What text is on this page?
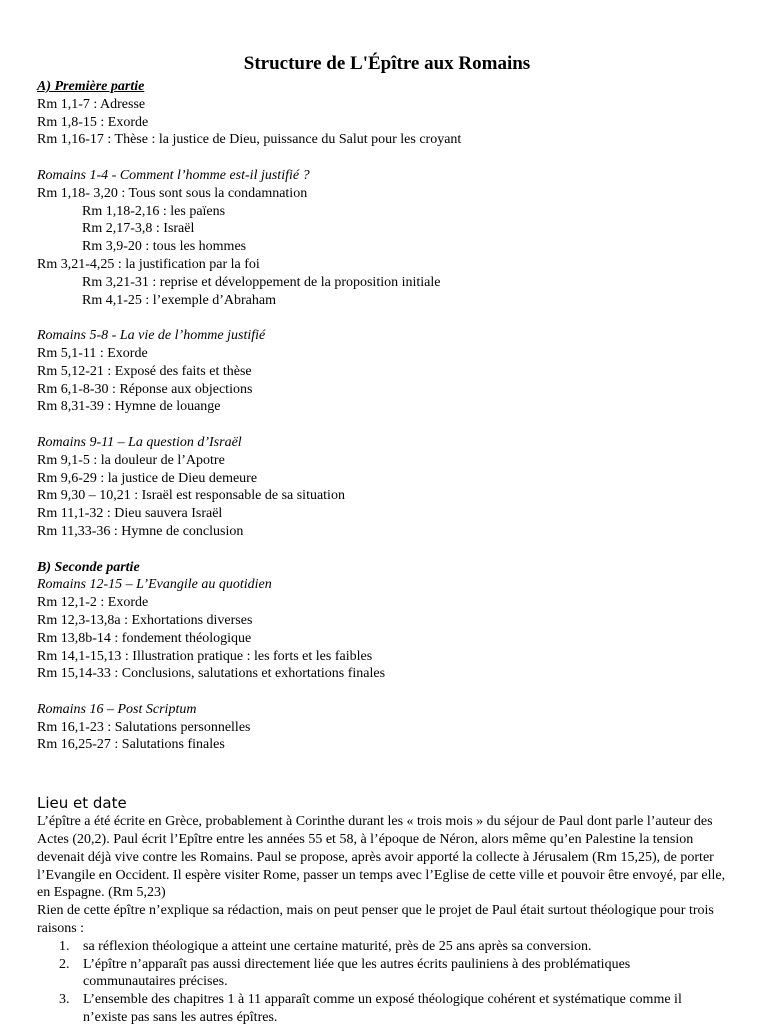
Structure de L'Épître aux Romains
A) Première partie
Rm 1,1-7 : Adresse
Rm 1,8-15 : Exorde
Rm 1,16-17 : Thèse : la justice de Dieu, puissance du Salut pour les croyant
Romains 1-4 - Comment l’homme est-il justifié ?
Rm 1,18- 3,20 : Tous sont sous la condamnation
Rm 1,18-2,16 : les païens
Rm 2,17-3,8 : Israël
Rm 3,9-20 : tous les hommes
Rm 3,21-4,25 : la justification par la foi
Rm 3,21-31 : reprise et développement de la proposition initiale
Rm 4,1-25 : l’exemple d’Abraham
Romains 5-8 - La vie de l’homme justifié
Rm 5,1-11 : Exorde
Rm 5,12-21 : Exposé des faits et thèse
Rm 6,1-8-30 : Réponse aux objections
Rm 8,31-39 : Hymne de louange
Romains 9-11 – La question d’Israël
Rm 9,1-5 : la douleur de l’Apotre
Rm 9,6-29 : la justice de Dieu demeure
Rm 9,30 – 10,21 : Israël est responsable de sa situation
Rm 11,1-32 : Dieu sauvera Israël
Rm 11,33-36 : Hymne de conclusion
B) Seconde partie
Romains 12-15 – L’Evangile au quotidien
Rm 12,1-2 : Exorde
Rm 12,3-13,8a : Exhortations diverses
Rm 13,8b-14 : fondement théologique
Rm 14,1-15,13 : Illustration pratique : les forts et les faibles
Rm 15,14-33 : Conclusions, salutations et exhortations finales
Romains 16 – Post Scriptum
Rm 16,1-23 : Salutations personnelles
Rm 16,25-27 : Salutations finales
Lieu et date
L’épître a été écrite en Grèce, probablement à Corinthe durant les « trois mois » du séjour de Paul dont parle l’auteur des Actes (20,2). Paul écrit l’Epître entre les années 55 et 58, à l’époque de Néron, alors même qu’en Palestine la tension devenait déjà vive contre les Romains. Paul se propose, après avoir apporté la collecte à Jérusalem (Rm 15,25), de porter l’Evangile en Occident. Il espère visiter Rome, passer un temps avec l’Eglise de cette ville et pouvoir être envoyé, par elle, en Espagne. (Rm 5,23)
Rien de cette épître n’explique sa rédaction, mais on peut penser que le projet de Paul était surtout théologique pour trois raisons :
1. sa réflexion théologique a atteint une certaine maturité, près de 25 ans après sa conversion.
2. L’épître n’apparaît pas aussi directement liée que les autres écrits pauliniens à des problématiques communautaires précises.
3. L’ensemble des chapitres 1 à 11 apparaît comme un exposé théologique cohérent et systématique comme il n’existe pas sans les autres épîtres.
